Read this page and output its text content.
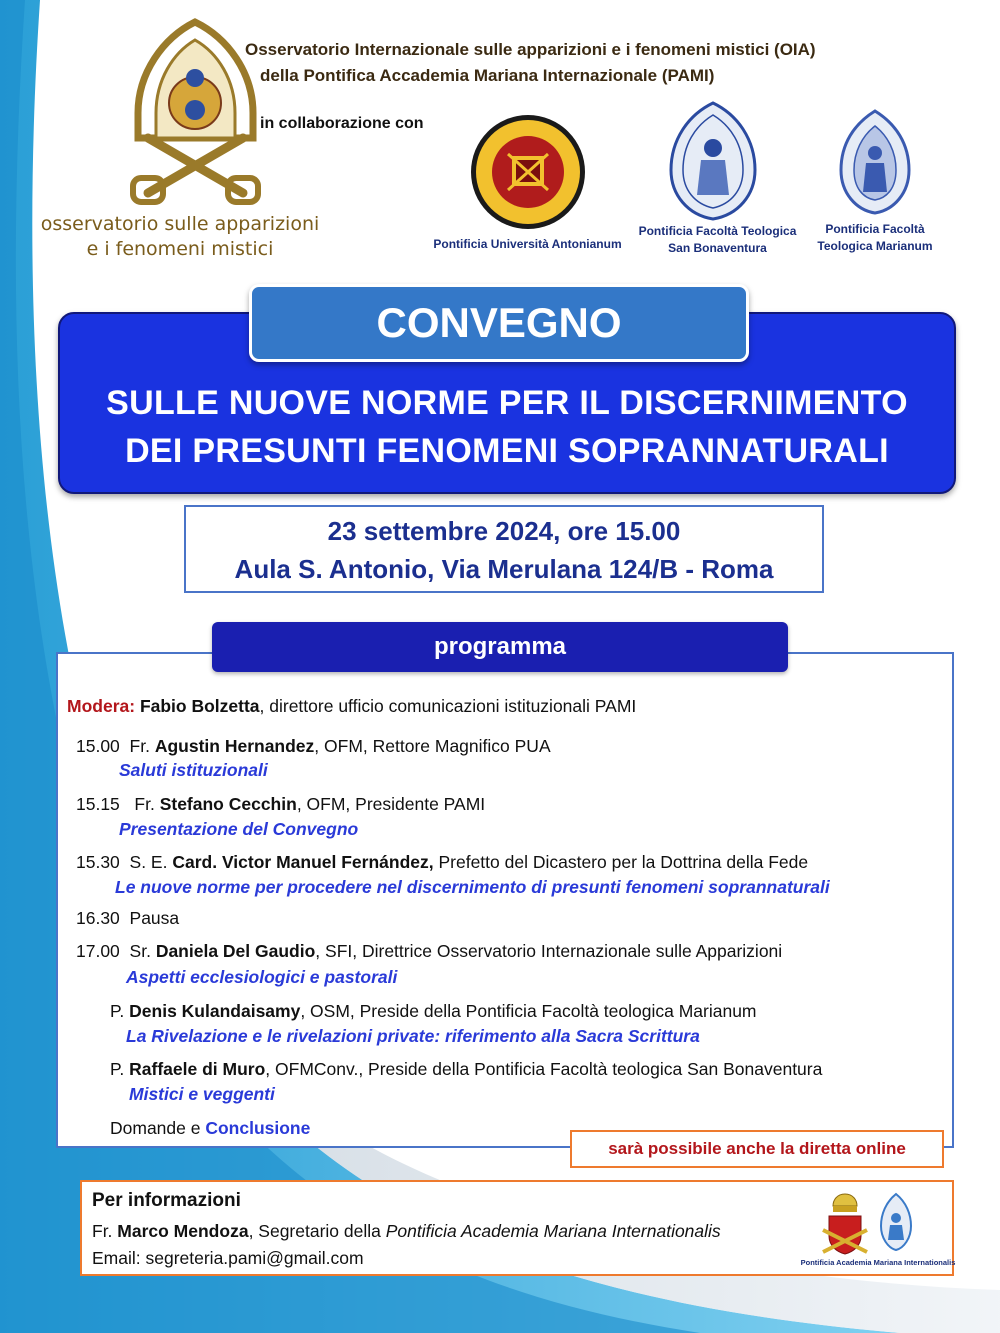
osservatorio sulle apparizioni
e i fenomeni mistici
Osservatorio Internazionale sulle apparizioni e i fenomeni mistici (OIA)
della Pontifica Accademia Mariana Internazionale (PAMI)
in collaborazione con
Pontificia Università Antonianum
Pontificia Facoltà Teologica
San Bonaventura
Pontificia Facoltà
Teologica Marianum
SULLE NUOVE NORME PER IL DISCERNIMENTO
DEI PRESUNTI FENOMENI SOPRANNATURALI
CONVEGNO
23 settembre 2024, ore 15.00
Aula S. Antonio, Via Merulana 124/B - Roma
Modera: Fabio Bolzetta, direttore ufficio comunicazioni istituzionali PAMI
15.00 Fr. Agustin Hernandez, OFM, Rettore Magnifico PUA
Saluti istituzionali
15.15 Fr. Stefano Cecchin, OFM, Presidente PAMI
Presentazione del Convegno
15.30 S. E. Card. Victor Manuel Fernández, Prefetto del Dicastero per la Dottrina della Fede
Le nuove norme per procedere nel discernimento di presunti fenomeni soprannaturali
16.30 Pausa
17.00 Sr. Daniela Del Gaudio, SFI, Direttrice Osservatorio Internazionale sulle Apparizioni
Aspetti ecclesiologici e pastorali
P. Denis Kulandaisamy, OSM, Preside della Pontificia Facoltà teologica Marianum
La Rivelazione e le rivelazioni private: riferimento alla Sacra Scrittura
P. Raffaele di Muro, OFMConv., Preside della Pontificia Facoltà teologica San Bonaventura
Mistici e veggenti
Domande e Conclusione
programma
sarà possibile anche la diretta online
Per informazioni
Fr. Marco Mendoza, Segretario della Pontificia Academia Mariana Internationalis
Email: segreteria.pami@gmail.com	Pontificia Academia Mariana Internationalis
